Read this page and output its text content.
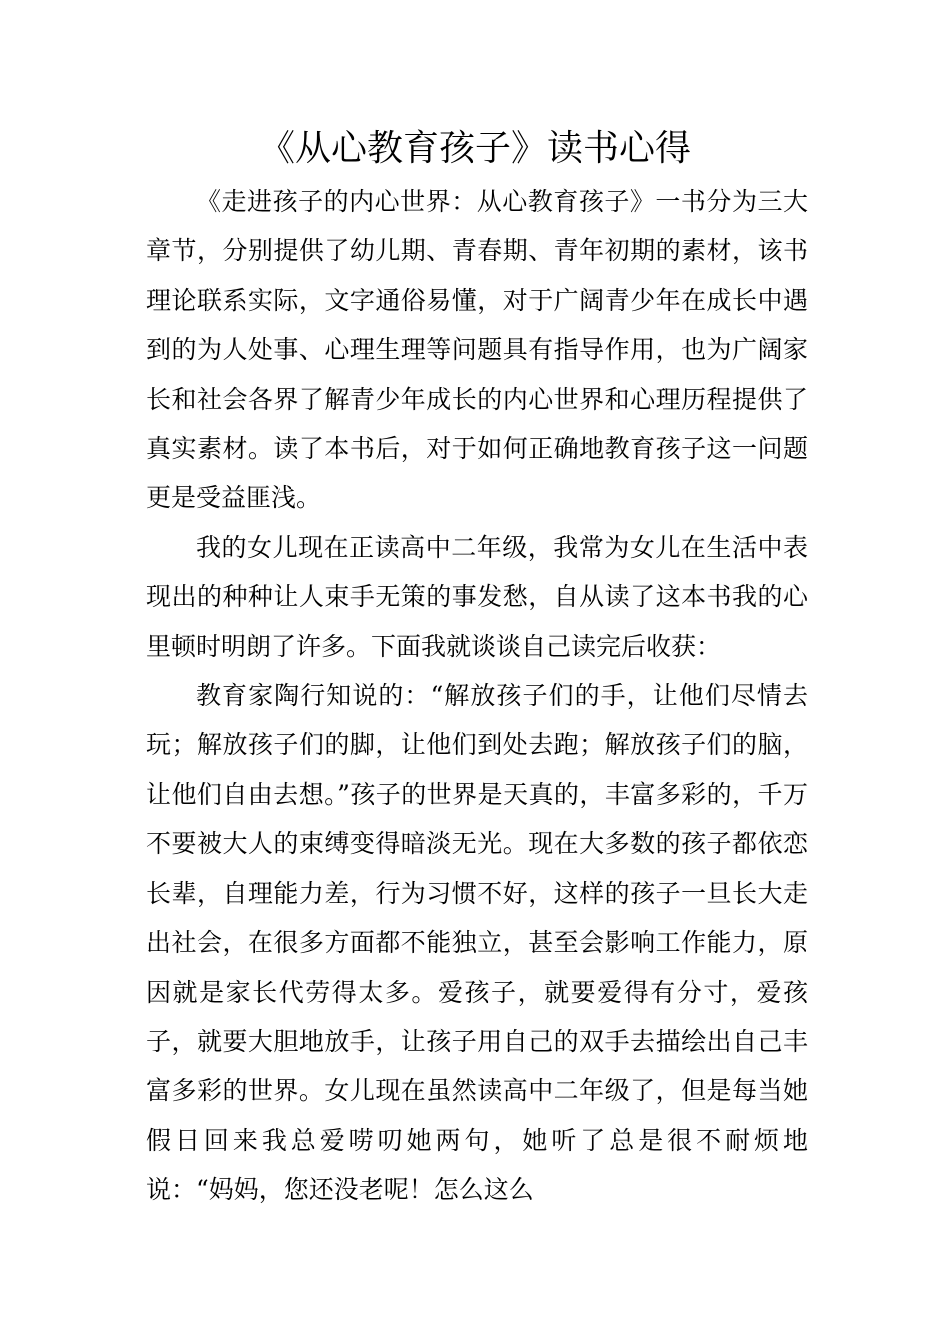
《从心教育孩子》读书心得

《走进孩子的内心世界：从心教育孩子》一书分为三大章节，分别提供了幼儿期、青春期、青年初期的素材，该书理论联系实际，文字通俗易懂，对于广阔青少年在成长中遇到的为人处事、心理生理等问题具有指导作用，也为广阔家长和社会各界了解青少年成长的内心世界和心理历程提供了真实素材。读了本书后，对于如何正确地教育孩子这一问题更是受益匪浅。

我的女儿现在正读高中二年级，我常为女儿在生活中表现出的种种让人束手无策的事发愁，自从读了这本书我的心里顿时明朗了许多。下面我就谈谈自己读完后收获：

教育家陶行知说的：“解放孩子们的手，让他们尽情去玩；解放孩子们的脚，让他们到处去跑；解放孩子们的脑，让他们自由去想。”孩子的世界是天真的，丰富多彩的，千万不要被大人的束缚变得暗淡无光。现在大多数的孩子都依恋长辈，自理能力差，行为习惯不好，这样的孩子一旦长大走出社会，在很多方面都不能独立，甚至会影响工作能力，原因就是家长代劳得太多。爱孩子，就要爱得有分寸，爱孩子，就要大胆地放手，让孩子用自己的双手去描绘出自己丰富多彩的世界。女儿现在虽然读高中二年级了，但是每当她假日回来我总爱唠叨她两句，她听了总是很不耐烦地说：“妈妈，您还没老呢！怎么这么
